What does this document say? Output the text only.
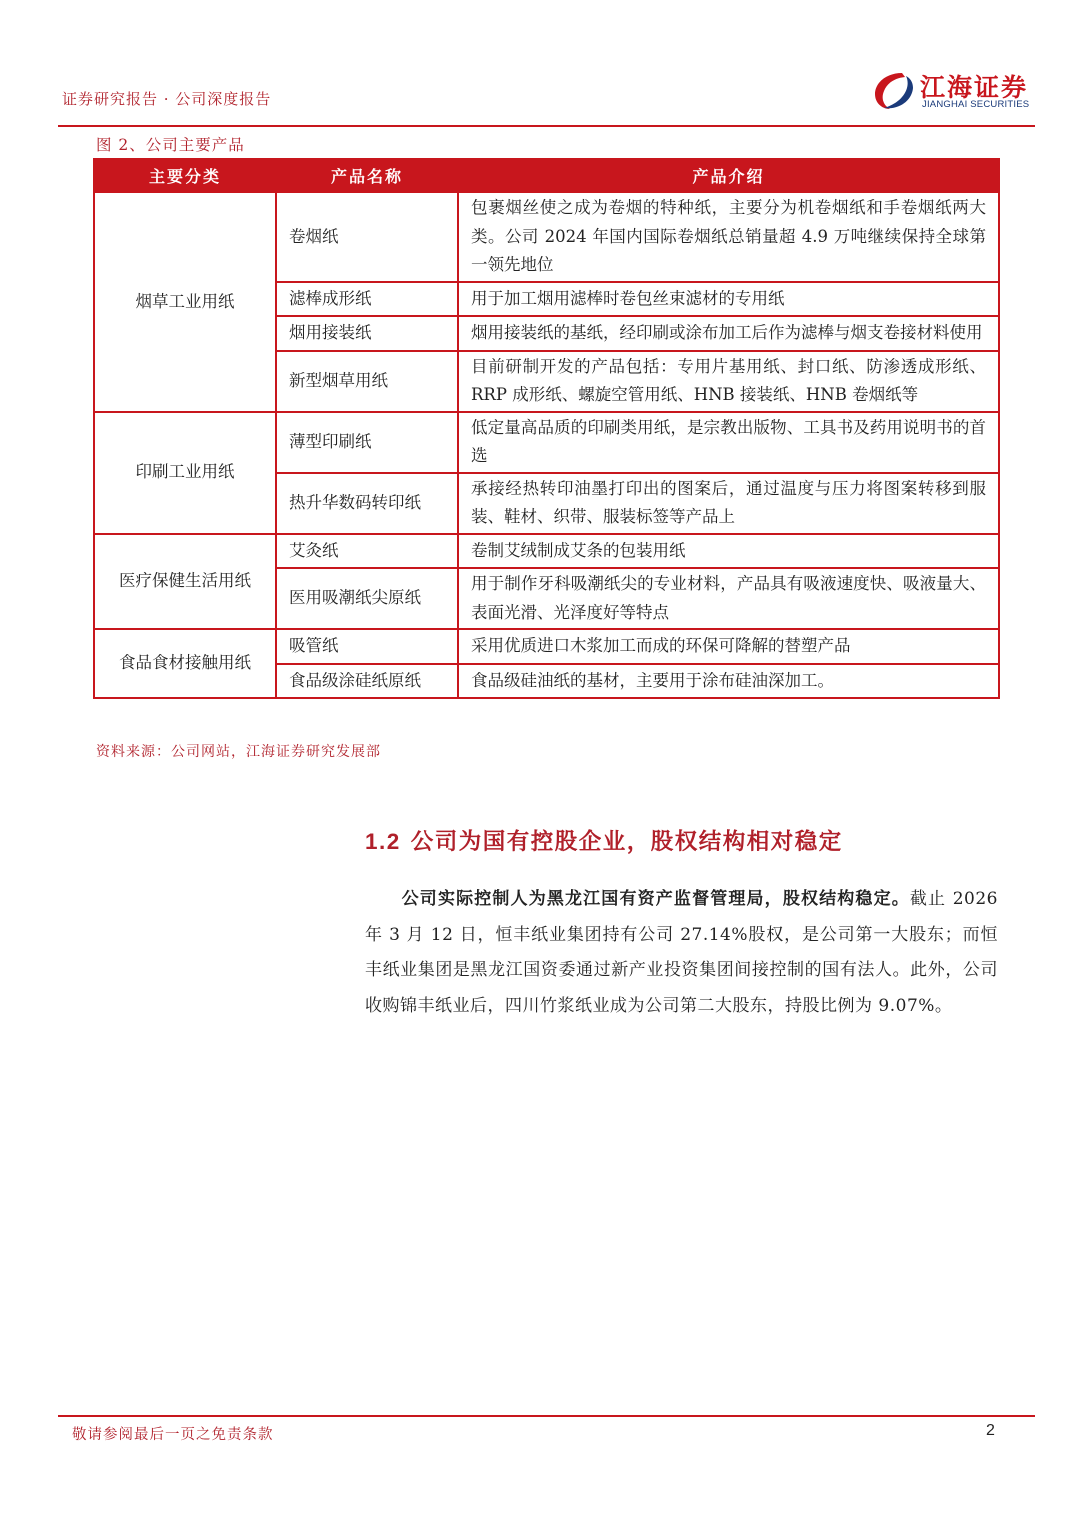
证券研究报告 · 公司深度报告	江海证券
JIANGHAI SECURITIES
图 2、公司主要产品
主要分类	产品名称	产品介绍
烟草工业用纸	卷烟纸	包裹烟丝使之成为卷烟的特种纸，主要分为机卷烟纸和手卷烟纸两大类。公司 2024 年国内国际卷烟纸总销量超 4.9 万吨继续保持全球第一领先地位
	滤棒成形纸	用于加工烟用滤棒时卷包丝束滤材的专用纸
	烟用接装纸	烟用接装纸的基纸，经印刷或涂布加工后作为滤棒与烟支卷接材料使用
	新型烟草用纸	目前研制开发的产品包括：专用片基用纸、封口纸、防渗透成形纸、RRP 成形纸、螺旋空管用纸、HNB 接装纸、HNB 卷烟纸等
印刷工业用纸	薄型印刷纸	低定量高品质的印刷类用纸，是宗教出版物、工具书及药用说明书的首选
	热升华数码转印纸	承接经热转印油墨打印出的图案后，通过温度与压力将图案转移到服装、鞋材、织带、服装标签等产品上
医疗保健生活用纸	艾灸纸	卷制艾绒制成艾条的包装用纸
	医用吸潮纸尖原纸	用于制作牙科吸潮纸尖的专业材料，产品具有吸液速度快、吸液量大、表面光滑、光泽度好等特点
食品食材接触用纸	吸管纸	采用优质进口木浆加工而成的环保可降解的替塑产品
	食品级涂硅纸原纸	食品级硅油纸的基材，主要用于涂布硅油深加工。
资料来源：公司网站，江海证券研究发展部
1.2 公司为国有控股企业，股权结构相对稳定
公司实际控制人为黑龙江国有资产监督管理局，股权结构稳定。截止 2026 年 3 月 12 日，恒丰纸业集团持有公司 27.14%股权，是公司第一大股东；而恒丰纸业集团是黑龙江国资委通过新产业投资集团间接控制的国有法人。此外，公司收购锦丰纸业后，四川竹浆纸业成为公司第二大股东，持股比例为 9.07%。
敬请参阅最后一页之免责条款	2
